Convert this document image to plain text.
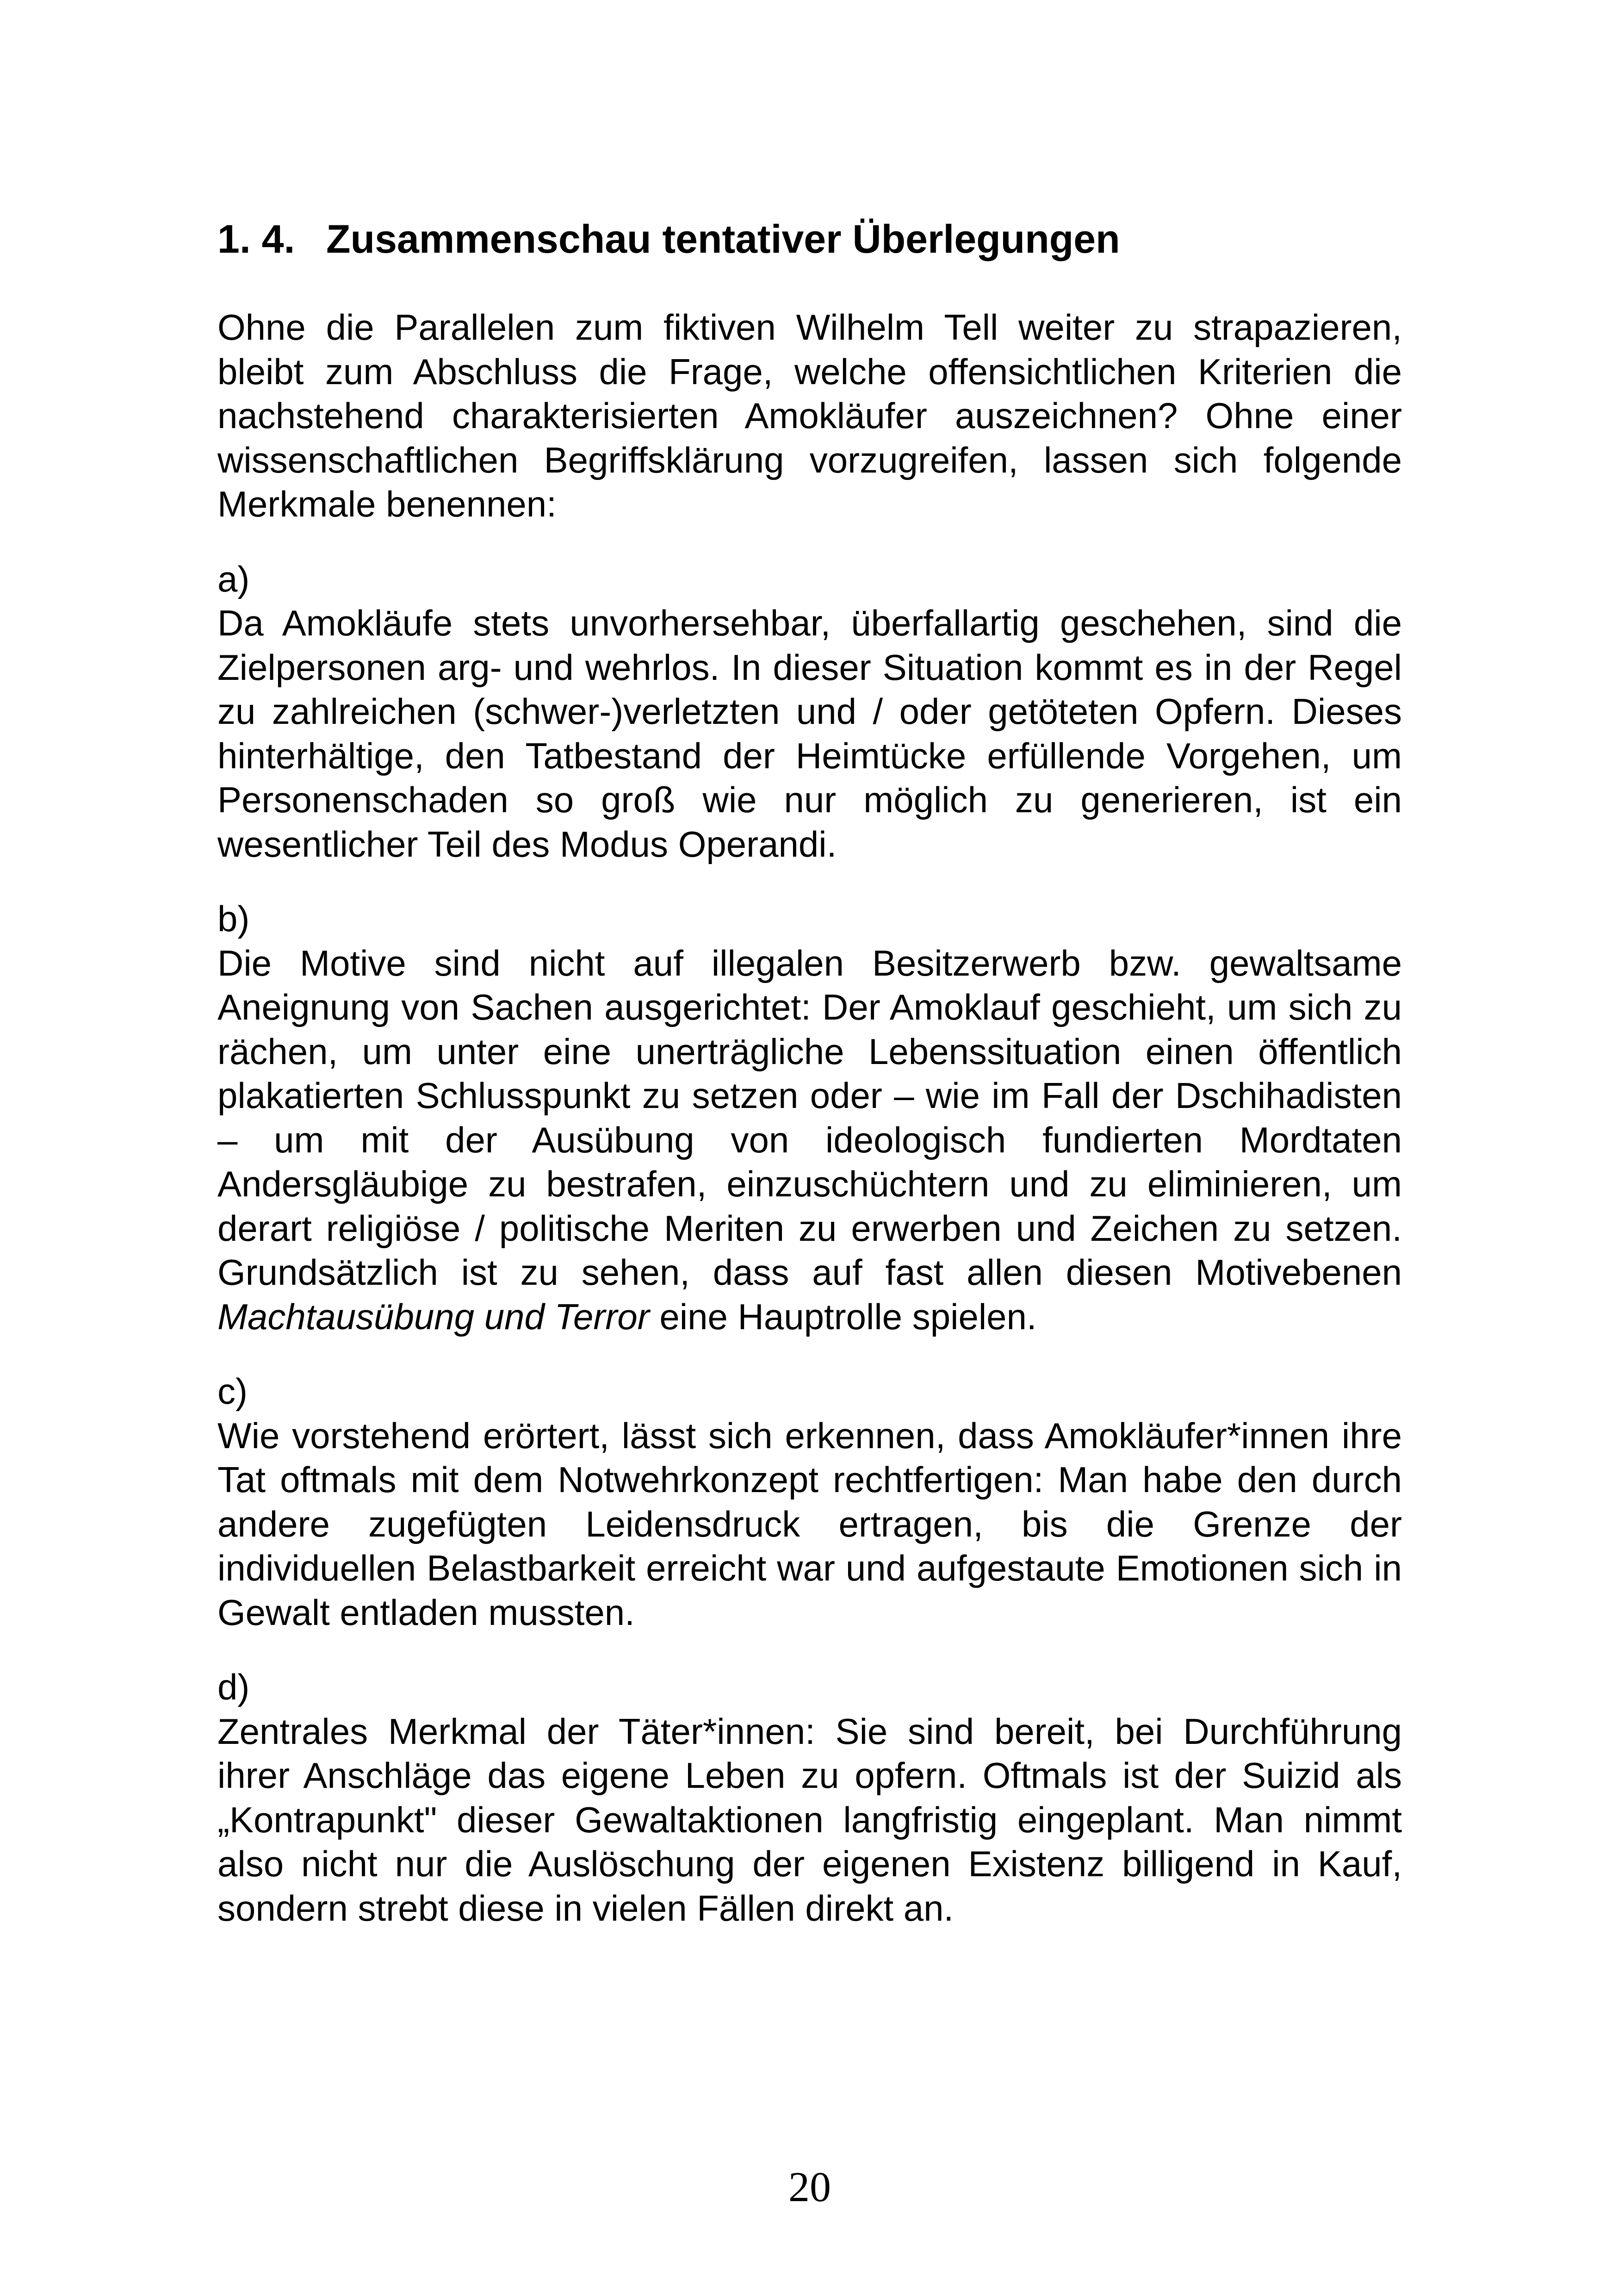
1. 4. Zusammenschau tentativer Überlegungen

Ohne die Parallelen zum fiktiven Wilhelm Tell weiter zu strapazieren, bleibt zum Abschluss die Frage, welche offensichtlichen Kriterien die nachstehend charakterisierten Amokläufer auszeichnen? Ohne einer wissenschaftlichen Begriffsklärung vorzugreifen, lassen sich folgende Merkmale benennen:

a)

Da Amokläufe stets unvorhersehbar, überfallartig geschehen, sind die Zielpersonen arg- und wehrlos. In dieser Situation kommt es in der Regel zu zahlreichen (schwer-)verletzten und / oder getöteten Opfern. Dieses hinterhältige, den Tatbestand der Heimtücke erfüllende Vorgehen, um Personenschaden so groß wie nur möglich zu generieren, ist ein wesentlicher Teil des Modus Operandi.

b)

Die Motive sind nicht auf illegalen Besitzerwerb bzw. gewaltsame Aneignung von Sachen ausgerichtet: Der Amoklauf geschieht, um sich zu rächen, um unter eine unerträgliche Lebenssituation einen öffentlich plakatierten Schlusspunkt zu setzen oder – wie im Fall der Dschihadisten – um mit der Ausübung von ideologisch fundierten Mordtaten Andersgläubige zu bestrafen, einzuschüchtern und zu eliminieren, um derart religiöse / politische Meriten zu erwerben und Zeichen zu setzen. Grundsätzlich ist zu sehen, dass auf fast allen diesen Motivebenen Machtausübung und Terror eine Hauptrolle spielen.

c)

Wie vorstehend erörtert, lässt sich erkennen, dass Amokläufer*innen ihre Tat oftmals mit dem Notwehrkonzept rechtfertigen: Man habe den durch andere zugefügten Leidensdruck ertragen, bis die Grenze der individuellen Belastbarkeit erreicht war und aufgestaute Emotionen sich in Gewalt entladen mussten.

d)

Zentrales Merkmal der Täter*innen: Sie sind bereit, bei Durchführung ihrer Anschläge das eigene Leben zu opfern. Oftmals ist der Suizid als „Kontrapunkt" dieser Gewaltaktionen langfristig eingeplant. Man nimmt also nicht nur die Auslöschung der eigenen Existenz billigend in Kauf, sondern strebt diese in vielen Fällen direkt an.

20
